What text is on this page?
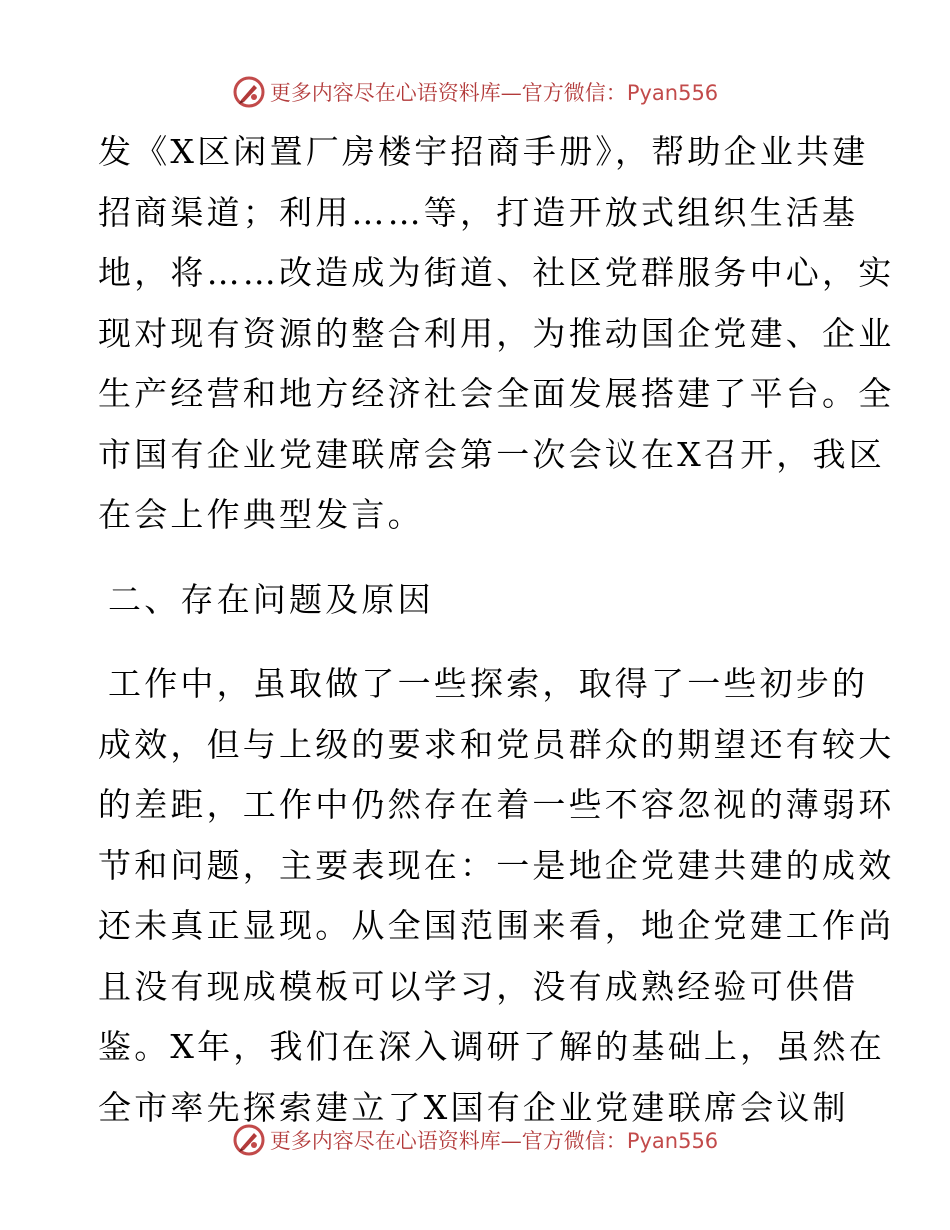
更多内容尽在心语资料库—官方微信：Pyan556
发《X区闲置厂房楼宇招商手册》，帮助企业共建
招商渠道；利用……等，打造开放式组织生活基
地，将……改造成为街道、社区党群服务中心，实
现对现有资源的整合利用，为推动国企党建、企业
生产经营和地方经济社会全面发展搭建了平台。全
市国有企业党建联席会第一次会议在X召开，我区
在会上作典型发言。
二、存在问题及原因
工作中，虽取做了一些探索，取得了一些初步的
成效，但与上级的要求和党员群众的期望还有较大
的差距，工作中仍然存在着一些不容忽视的薄弱环
节和问题，主要表现在：一是地企党建共建的成效
还未真正显现。从全国范围来看，地企党建工作尚
且没有现成模板可以学习，没有成熟经验可供借
鉴。X年，我们在深入调研了解的基础上，虽然在
全市率先探索建立了X国有企业党建联席会议制
更多内容尽在心语资料库—官方微信：Pyan556
